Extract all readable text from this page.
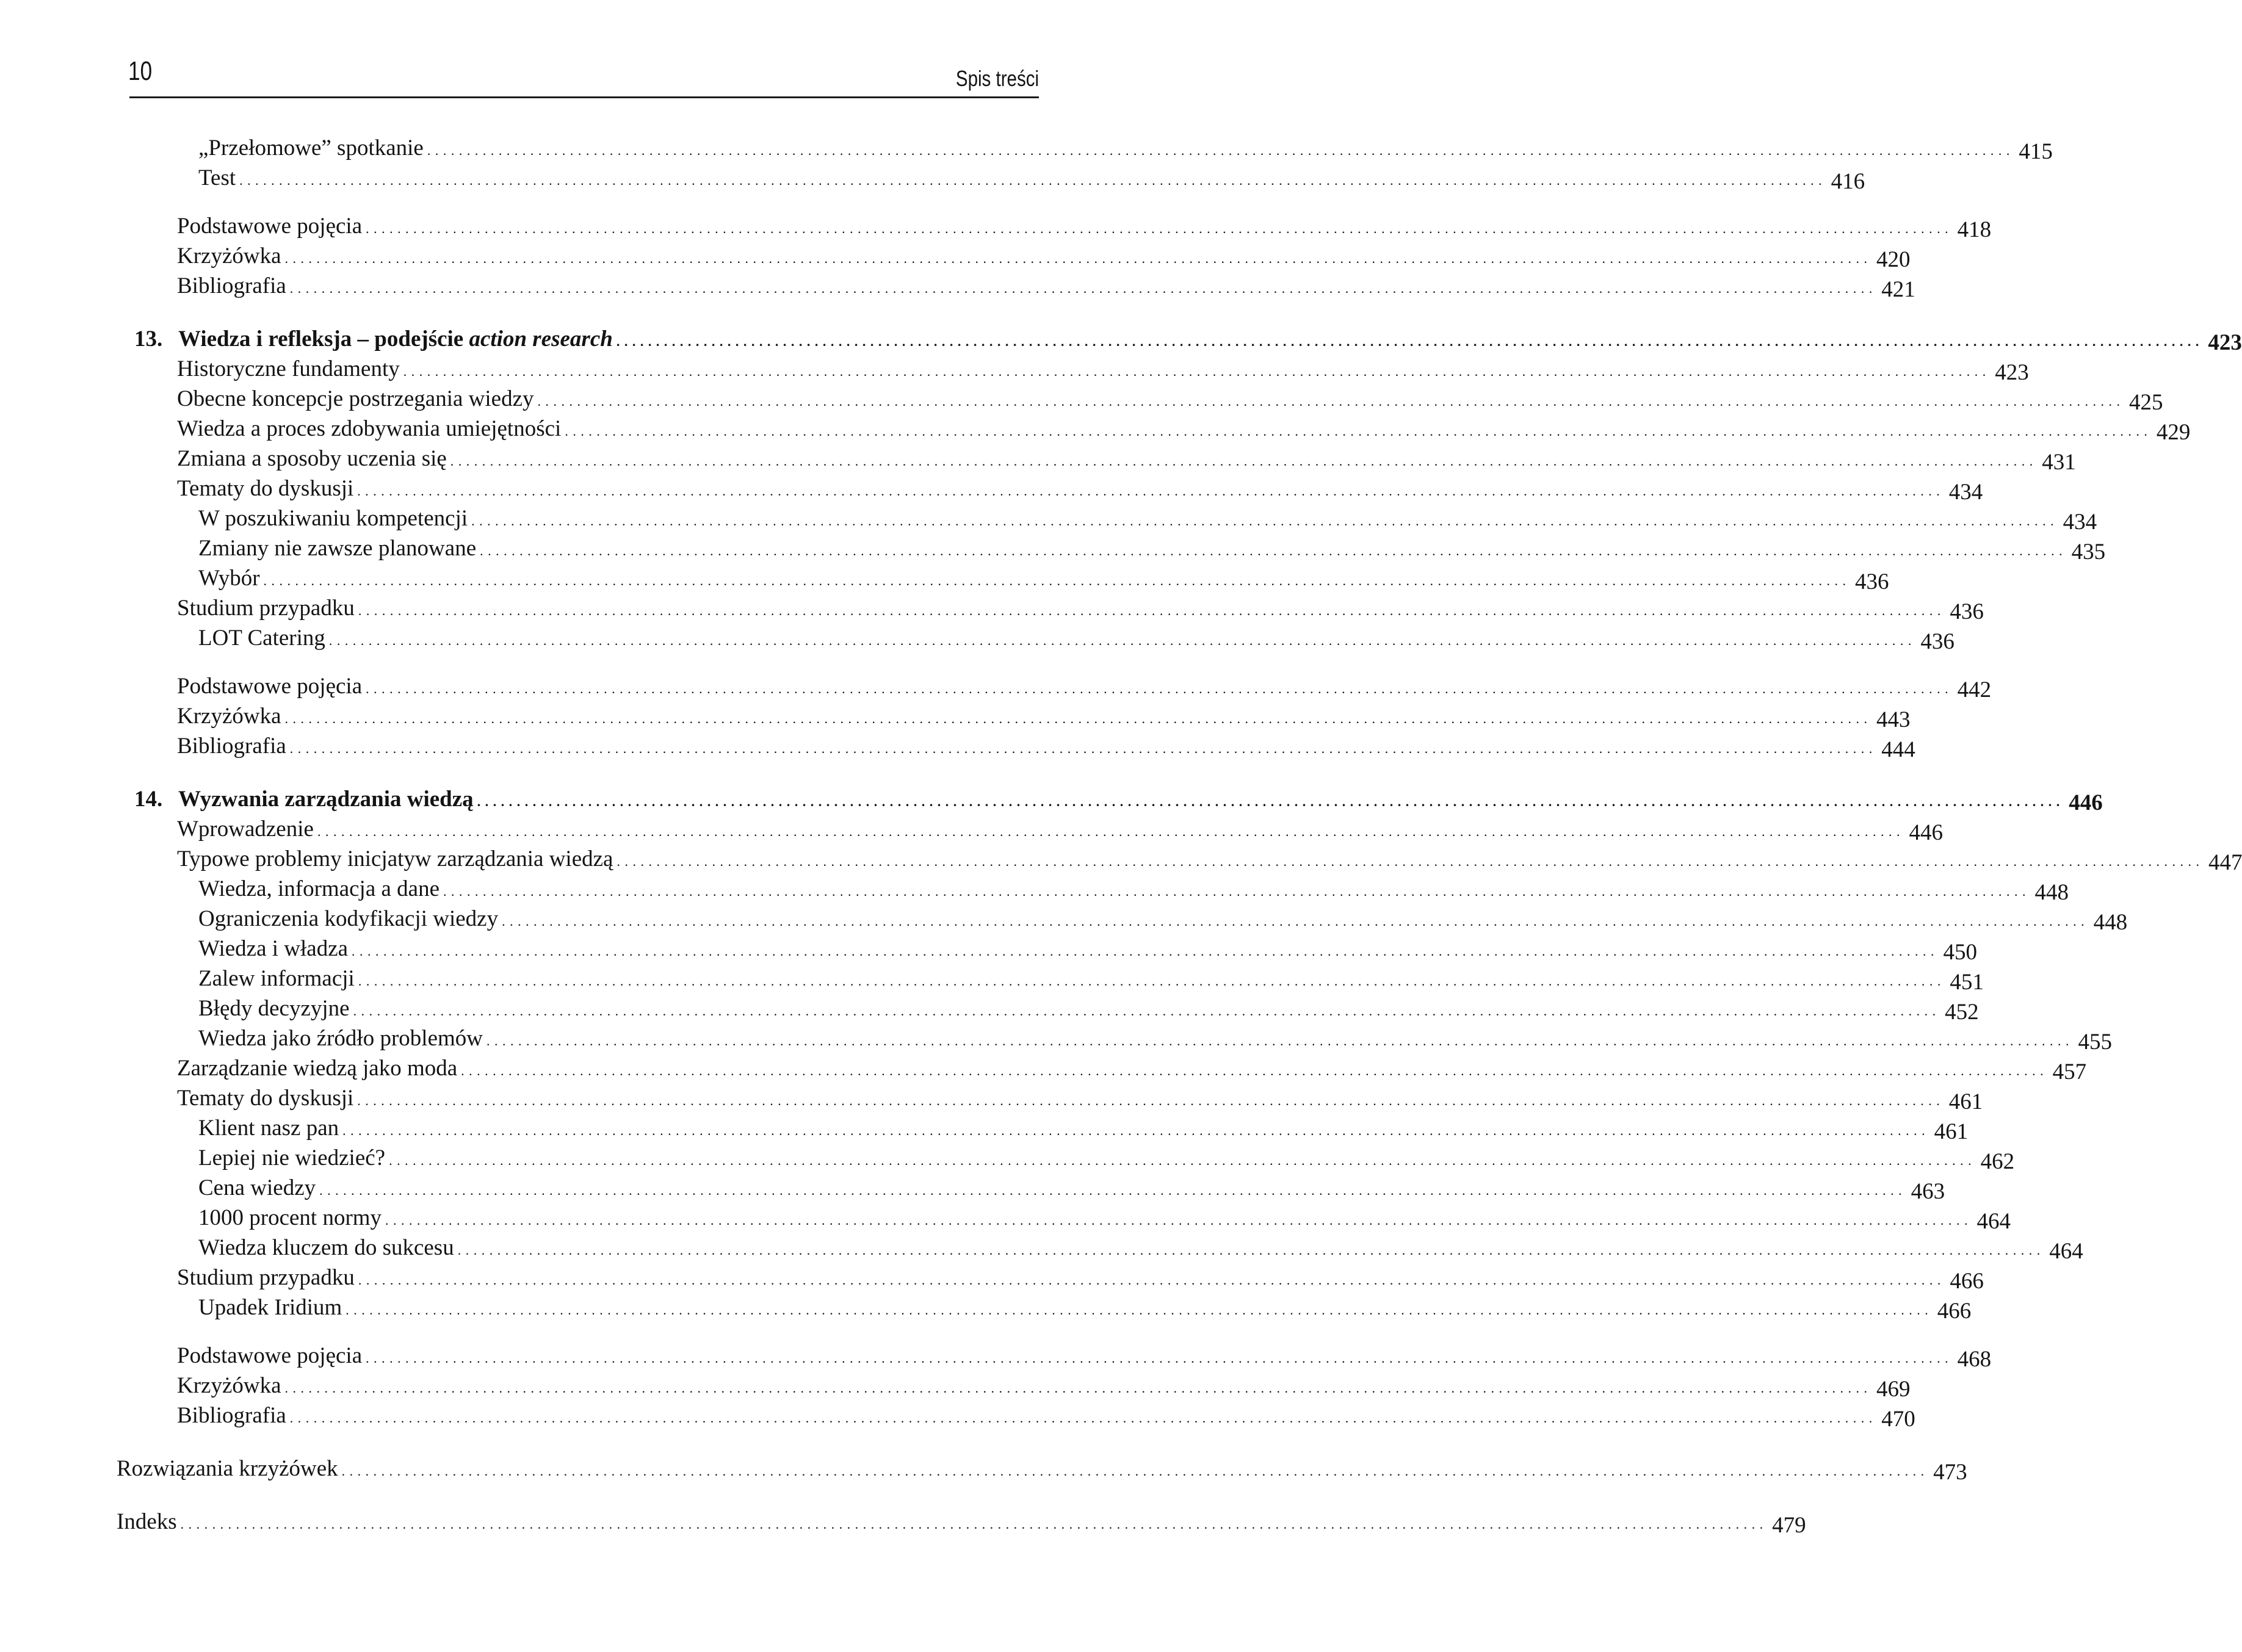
10	Spis treści
„Przełomowe” spotkanie . . . . . . . . . . . . . . . . . . . . . . . . . . . . . . . . . . . . . . . . . . . . . . . . . . . . . . . . . . . . . . . . . . . . . . . . . . . . . . . . . . . . . . . . . . . . . . . . . . . . . . . . . . . . . . . . . . . . . . . . . . . . . . . . . . . . . . . . . . . . . . . . . . . . . . . . . . . . . . . . . . . . . . . . . . . . . . . . . . . . . . . . . . . . . . . . . . . . . . . . 415
Test . . . . . . . . . . . . . . . . . . . . . . . . . . . . . . . . . . . . . . . . . . . . . . . . . . . . . . . . . . . . . . . . . . . . . . . . . . . . . . . . . . . . . . . . . . . . . . . . . . . . . . . . . . . . . . . . . . . . . . . . . . . . . . . . . . . . . . . . . . . . . . . . . . . . . . . . . . . . . . . . . . . . . . . . . . . . . . . . . . . . . . . . . . . . . . . . . . . . . . . . 416
Podstawowe pojęcia . . . . . . . . . . . . . . . . . . . . . . . . . . . . . . . . . . . . . . . . . . . . . . . . . . . . . . . . . . . . . . . . . . . . . . . . . . . . . . . . . . . . . . . . . . . . . . . . . . . . . . . . . . . . . . . . . . . . . . . . . . . . . . . . . . . . . . . . . . . . . . . . . . . . . . . . . . . . . . . . . . . . . . . . . . . . . . . . . . . . . . . . . . . . . . . . . . . . . . . . 418
Krzyżówka . . . . . . . . . . . . . . . . . . . . . . . . . . . . . . . . . . . . . . . . . . . . . . . . . . . . . . . . . . . . . . . . . . . . . . . . . . . . . . . . . . . . . . . . . . . . . . . . . . . . . . . . . . . . . . . . . . . . . . . . . . . . . . . . . . . . . . . . . . . . . . . . . . . . . . . . . . . . . . . . . . . . . . . . . . . . . . . . . . . . . . . . . . . . . . . . . . . . . . . . 420
Bibliografia . . . . . . . . . . . . . . . . . . . . . . . . . . . . . . . . . . . . . . . . . . . . . . . . . . . . . . . . . . . . . . . . . . . . . . . . . . . . . . . . . . . . . . . . . . . . . . . . . . . . . . . . . . . . . . . . . . . . . . . . . . . . . . . . . . . . . . . . . . . . . . . . . . . . . . . . . . . . . . . . . . . . . . . . . . . . . . . . . . . . . . . . . . . . . . . . . . . . . . . . 421
13. Wiedza i refleksja – podejście action research . . . . . . . . . . . . . . . . . . . . . . . . . . . . . . . . . . . . . . . . . . . . . . . . . . . . . . . . . . . . . . . . . . . . . . . . . . . . . . . . . . . . . . . . . . . . . . . . . . . . . . . . . . . . . . . . . . . . . . . . . . . . . . . . . . . . . . . . . . . . . . . . . . . . . . . . . . . . . . . . . . . . . . . . . . . . . . . . . . . . . . . . . . . . . . . . . . . . . . . . 423
Historyczne fundamenty . . . . . . . . . . . . . . . . . . . . . . . . . . . . . . . . . . . . . . . . . . . . . . . . . . . . . . . . . . . . . . . . . . . . . . . . . . . . . . . . . . . . . . . . . . . . . . . . . . . . . . . . . . . . . . . . . . . . . . . . . . . . . . . . . . . . . . . . . . . . . . . . . . . . . . . . . . . . . . . . . . . . . . . . . . . . . . . . . . . . . . . . . . . . . . . . . . . . . . . . 423
Obecne koncepcje postrzegania wiedzy . . . . . . . . . . . . . . . . . . . . . . . . . . . . . . . . . . . . . . . . . . . . . . . . . . . . . . . . . . . . . . . . . . . . . . . . . . . . . . . . . . . . . . . . . . . . . . . . . . . . . . . . . . . . . . . . . . . . . . . . . . . . . . . . . . . . . . . . . . . . . . . . . . . . . . . . . . . . . . . . . . . . . . . . . . . . . . . . . . . . . . . . . . . . . . . . . . . . . . . . 425
Wiedza a proces zdobywania umiejętności . . . . . . . . . . . . . . . . . . . . . . . . . . . . . . . . . . . . . . . . . . . . . . . . . . . . . . . . . . . . . . . . . . . . . . . . . . . . . . . . . . . . . . . . . . . . . . . . . . . . . . . . . . . . . . . . . . . . . . . . . . . . . . . . . . . . . . . . . . . . . . . . . . . . . . . . . . . . . . . . . . . . . . . . . . . . . . . . . . . . . . . . . . . . . . . . . . . . . . . . 429
Zmiana a sposoby uczenia się . . . . . . . . . . . . . . . . . . . . . . . . . . . . . . . . . . . . . . . . . . . . . . . . . . . . . . . . . . . . . . . . . . . . . . . . . . . . . . . . . . . . . . . . . . . . . . . . . . . . . . . . . . . . . . . . . . . . . . . . . . . . . . . . . . . . . . . . . . . . . . . . . . . . . . . . . . . . . . . . . . . . . . . . . . . . . . . . . . . . . . . . . . . . . . . . . . . . . . . . 431
Tematy do dyskusji . . . . . . . . . . . . . . . . . . . . . . . . . . . . . . . . . . . . . . . . . . . . . . . . . . . . . . . . . . . . . . . . . . . . . . . . . . . . . . . . . . . . . . . . . . . . . . . . . . . . . . . . . . . . . . . . . . . . . . . . . . . . . . . . . . . . . . . . . . . . . . . . . . . . . . . . . . . . . . . . . . . . . . . . . . . . . . . . . . . . . . . . . . . . . . . . . . . . . . . . 434
W poszukiwaniu kompetencji . . . . . . . . . . . . . . . . . . . . . . . . . . . . . . . . . . . . . . . . . . . . . . . . . . . . . . . . . . . . . . . . . . . . . . . . . . . . . . . . . . . . . . . . . . . . . . . . . . . . . . . . . . . . . . . . . . . . . . . . . . . . . . . . . . . . . . . . . . . . . . . . . . . . . . . . . . . . . . . . . . . . . . . . . . . . . . . . . . . . . . . . . . . . . . . . . . . . . . . . 434
Zmiany nie zawsze planowane . . . . . . . . . . . . . . . . . . . . . . . . . . . . . . . . . . . . . . . . . . . . . . . . . . . . . . . . . . . . . . . . . . . . . . . . . . . . . . . . . . . . . . . . . . . . . . . . . . . . . . . . . . . . . . . . . . . . . . . . . . . . . . . . . . . . . . . . . . . . . . . . . . . . . . . . . . . . . . . . . . . . . . . . . . . . . . . . . . . . . . . . . . . . . . . . . . . . . . . . 435
Wybór . . . . . . . . . . . . . . . . . . . . . . . . . . . . . . . . . . . . . . . . . . . . . . . . . . . . . . . . . . . . . . . . . . . . . . . . . . . . . . . . . . . . . . . . . . . . . . . . . . . . . . . . . . . . . . . . . . . . . . . . . . . . . . . . . . . . . . . . . . . . . . . . . . . . . . . . . . . . . . . . . . . . . . . . . . . . . . . . . . . . . . . . . . . . . . . . . . . . . . . . 436
Studium przypadku . . . . . . . . . . . . . . . . . . . . . . . . . . . . . . . . . . . . . . . . . . . . . . . . . . . . . . . . . . . . . . . . . . . . . . . . . . . . . . . . . . . . . . . . . . . . . . . . . . . . . . . . . . . . . . . . . . . . . . . . . . . . . . . . . . . . . . . . . . . . . . . . . . . . . . . . . . . . . . . . . . . . . . . . . . . . . . . . . . . . . . . . . . . . . . . . . . . . . . . . 436
LOT Catering . . . . . . . . . . . . . . . . . . . . . . . . . . . . . . . . . . . . . . . . . . . . . . . . . . . . . . . . . . . . . . . . . . . . . . . . . . . . . . . . . . . . . . . . . . . . . . . . . . . . . . . . . . . . . . . . . . . . . . . . . . . . . . . . . . . . . . . . . . . . . . . . . . . . . . . . . . . . . . . . . . . . . . . . . . . . . . . . . . . . . . . . . . . . . . . . . . . . . . . . 436
Podstawowe pojęcia . . . . . . . . . . . . . . . . . . . . . . . . . . . . . . . . . . . . . . . . . . . . . . . . . . . . . . . . . . . . . . . . . . . . . . . . . . . . . . . . . . . . . . . . . . . . . . . . . . . . . . . . . . . . . . . . . . . . . . . . . . . . . . . . . . . . . . . . . . . . . . . . . . . . . . . . . . . . . . . . . . . . . . . . . . . . . . . . . . . . . . . . . . . . . . . . . . . . . . . . 442
Krzyżówka . . . . . . . . . . . . . . . . . . . . . . . . . . . . . . . . . . . . . . . . . . . . . . . . . . . . . . . . . . . . . . . . . . . . . . . . . . . . . . . . . . . . . . . . . . . . . . . . . . . . . . . . . . . . . . . . . . . . . . . . . . . . . . . . . . . . . . . . . . . . . . . . . . . . . . . . . . . . . . . . . . . . . . . . . . . . . . . . . . . . . . . . . . . . . . . . . . . . . . . . 443
Bibliografia . . . . . . . . . . . . . . . . . . . . . . . . . . . . . . . . . . . . . . . . . . . . . . . . . . . . . . . . . . . . . . . . . . . . . . . . . . . . . . . . . . . . . . . . . . . . . . . . . . . . . . . . . . . . . . . . . . . . . . . . . . . . . . . . . . . . . . . . . . . . . . . . . . . . . . . . . . . . . . . . . . . . . . . . . . . . . . . . . . . . . . . . . . . . . . . . . . . . . . . . 444
14. Wyzwania zarządzania wiedzą . . . . . . . . . . . . . . . . . . . . . . . . . . . . . . . . . . . . . . . . . . . . . . . . . . . . . . . . . . . . . . . . . . . . . . . . . . . . . . . . . . . . . . . . . . . . . . . . . . . . . . . . . . . . . . . . . . . . . . . . . . . . . . . . . . . . . . . . . . . . . . . . . . . . . . . . . . . . . . . . . . . . . . . . . . . . . . . . . . . . . . . . . . . . . . . . . . . . . . . . 446
Wprowadzenie . . . . . . . . . . . . . . . . . . . . . . . . . . . . . . . . . . . . . . . . . . . . . . . . . . . . . . . . . . . . . . . . . . . . . . . . . . . . . . . . . . . . . . . . . . . . . . . . . . . . . . . . . . . . . . . . . . . . . . . . . . . . . . . . . . . . . . . . . . . . . . . . . . . . . . . . . . . . . . . . . . . . . . . . . . . . . . . . . . . . . . . . . . . . . . . . . . . . . . . . 446
Typowe problemy inicjatyw zarządzania wiedzą . . . . . . . . . . . . . . . . . . . . . . . . . . . . . . . . . . . . . . . . . . . . . . . . . . . . . . . . . . . . . . . . . . . . . . . . . . . . . . . . . . . . . . . . . . . . . . . . . . . . . . . . . . . . . . . . . . . . . . . . . . . . . . . . . . . . . . . . . . . . . . . . . . . . . . . . . . . . . . . . . . . . . . . . . . . . . . . . . . . . . . . . . . . . . . . . . . . . . . . . 447
Wiedza, informacja a dane . . . . . . . . . . . . . . . . . . . . . . . . . . . . . . . . . . . . . . . . . . . . . . . . . . . . . . . . . . . . . . . . . . . . . . . . . . . . . . . . . . . . . . . . . . . . . . . . . . . . . . . . . . . . . . . . . . . . . . . . . . . . . . . . . . . . . . . . . . . . . . . . . . . . . . . . . . . . . . . . . . . . . . . . . . . . . . . . . . . . . . . . . . . . . . . . . . . . . . . . 448
Ograniczenia kodyfikacji wiedzy . . . . . . . . . . . . . . . . . . . . . . . . . . . . . . . . . . . . . . . . . . . . . . . . . . . . . . . . . . . . . . . . . . . . . . . . . . . . . . . . . . . . . . . . . . . . . . . . . . . . . . . . . . . . . . . . . . . . . . . . . . . . . . . . . . . . . . . . . . . . . . . . . . . . . . . . . . . . . . . . . . . . . . . . . . . . . . . . . . . . . . . . . . . . . . . . . . . . . . . . 448
Wiedza i władza . . . . . . . . . . . . . . . . . . . . . . . . . . . . . . . . . . . . . . . . . . . . . . . . . . . . . . . . . . . . . . . . . . . . . . . . . . . . . . . . . . . . . . . . . . . . . . . . . . . . . . . . . . . . . . . . . . . . . . . . . . . . . . . . . . . . . . . . . . . . . . . . . . . . . . . . . . . . . . . . . . . . . . . . . . . . . . . . . . . . . . . . . . . . . . . . . . . . . . . . 450
Zalew informacji . . . . . . . . . . . . . . . . . . . . . . . . . . . . . . . . . . . . . . . . . . . . . . . . . . . . . . . . . . . . . . . . . . . . . . . . . . . . . . . . . . . . . . . . . . . . . . . . . . . . . . . . . . . . . . . . . . . . . . . . . . . . . . . . . . . . . . . . . . . . . . . . . . . . . . . . . . . . . . . . . . . . . . . . . . . . . . . . . . . . . . . . . . . . . . . . . . . . . . . . 451
Błędy decyzyjne . . . . . . . . . . . . . . . . . . . . . . . . . . . . . . . . . . . . . . . . . . . . . . . . . . . . . . . . . . . . . . . . . . . . . . . . . . . . . . . . . . . . . . . . . . . . . . . . . . . . . . . . . . . . . . . . . . . . . . . . . . . . . . . . . . . . . . . . . . . . . . . . . . . . . . . . . . . . . . . . . . . . . . . . . . . . . . . . . . . . . . . . . . . . . . . . . . . . . . . . 452
Wiedza jako źródło problemów . . . . . . . . . . . . . . . . . . . . . . . . . . . . . . . . . . . . . . . . . . . . . . . . . . . . . . . . . . . . . . . . . . . . . . . . . . . . . . . . . . . . . . . . . . . . . . . . . . . . . . . . . . . . . . . . . . . . . . . . . . . . . . . . . . . . . . . . . . . . . . . . . . . . . . . . . . . . . . . . . . . . . . . . . . . . . . . . . . . . . . . . . . . . . . . . . . . . . . . . 455
Zarządzanie wiedzą jako moda . . . . . . . . . . . . . . . . . . . . . . . . . . . . . . . . . . . . . . . . . . . . . . . . . . . . . . . . . . . . . . . . . . . . . . . . . . . . . . . . . . . . . . . . . . . . . . . . . . . . . . . . . . . . . . . . . . . . . . . . . . . . . . . . . . . . . . . . . . . . . . . . . . . . . . . . . . . . . . . . . . . . . . . . . . . . . . . . . . . . . . . . . . . . . . . . . . . . . . . . 457
Tematy do dyskusji . . . . . . . . . . . . . . . . . . . . . . . . . . . . . . . . . . . . . . . . . . . . . . . . . . . . . . . . . . . . . . . . . . . . . . . . . . . . . . . . . . . . . . . . . . . . . . . . . . . . . . . . . . . . . . . . . . . . . . . . . . . . . . . . . . . . . . . . . . . . . . . . . . . . . . . . . . . . . . . . . . . . . . . . . . . . . . . . . . . . . . . . . . . . . . . . . . . . . . . . 461
Klient nasz pan . . . . . . . . . . . . . . . . . . . . . . . . . . . . . . . . . . . . . . . . . . . . . . . . . . . . . . . . . . . . . . . . . . . . . . . . . . . . . . . . . . . . . . . . . . . . . . . . . . . . . . . . . . . . . . . . . . . . . . . . . . . . . . . . . . . . . . . . . . . . . . . . . . . . . . . . . . . . . . . . . . . . . . . . . . . . . . . . . . . . . . . . . . . . . . . . . . . . . . . . 461
Lepiej nie wiedzieć? . . . . . . . . . . . . . . . . . . . . . . . . . . . . . . . . . . . . . . . . . . . . . . . . . . . . . . . . . . . . . . . . . . . . . . . . . . . . . . . . . . . . . . . . . . . . . . . . . . . . . . . . . . . . . . . . . . . . . . . . . . . . . . . . . . . . . . . . . . . . . . . . . . . . . . . . . . . . . . . . . . . . . . . . . . . . . . . . . . . . . . . . . . . . . . . . . . . . . . . . 462
Cena wiedzy . . . . . . . . . . . . . . . . . . . . . . . . . . . . . . . . . . . . . . . . . . . . . . . . . . . . . . . . . . . . . . . . . . . . . . . . . . . . . . . . . . . . . . . . . . . . . . . . . . . . . . . . . . . . . . . . . . . . . . . . . . . . . . . . . . . . . . . . . . . . . . . . . . . . . . . . . . . . . . . . . . . . . . . . . . . . . . . . . . . . . . . . . . . . . . . . . . . . . . . . 463
1000 procent normy . . . . . . . . . . . . . . . . . . . . . . . . . . . . . . . . . . . . . . . . . . . . . . . . . . . . . . . . . . . . . . . . . . . . . . . . . . . . . . . . . . . . . . . . . . . . . . . . . . . . . . . . . . . . . . . . . . . . . . . . . . . . . . . . . . . . . . . . . . . . . . . . . . . . . . . . . . . . . . . . . . . . . . . . . . . . . . . . . . . . . . . . . . . . . . . . . . . . . . . . 464
Wiedza kluczem do sukcesu . . . . . . . . . . . . . . . . . . . . . . . . . . . . . . . . . . . . . . . . . . . . . . . . . . . . . . . . . . . . . . . . . . . . . . . . . . . . . . . . . . . . . . . . . . . . . . . . . . . . . . . . . . . . . . . . . . . . . . . . . . . . . . . . . . . . . . . . . . . . . . . . . . . . . . . . . . . . . . . . . . . . . . . . . . . . . . . . . . . . . . . . . . . . . . . . . . . . . . . . 464
Studium przypadku . . . . . . . . . . . . . . . . . . . . . . . . . . . . . . . . . . . . . . . . . . . . . . . . . . . . . . . . . . . . . . . . . . . . . . . . . . . . . . . . . . . . . . . . . . . . . . . . . . . . . . . . . . . . . . . . . . . . . . . . . . . . . . . . . . . . . . . . . . . . . . . . . . . . . . . . . . . . . . . . . . . . . . . . . . . . . . . . . . . . . . . . . . . . . . . . . . . . . . . . 466
Upadek Iridium . . . . . . . . . . . . . . . . . . . . . . . . . . . . . . . . . . . . . . . . . . . . . . . . . . . . . . . . . . . . . . . . . . . . . . . . . . . . . . . . . . . . . . . . . . . . . . . . . . . . . . . . . . . . . . . . . . . . . . . . . . . . . . . . . . . . . . . . . . . . . . . . . . . . . . . . . . . . . . . . . . . . . . . . . . . . . . . . . . . . . . . . . . . . . . . . . . . . . . . . 466
Podstawowe pojęcia . . . . . . . . . . . . . . . . . . . . . . . . . . . . . . . . . . . . . . . . . . . . . . . . . . . . . . . . . . . . . . . . . . . . . . . . . . . . . . . . . . . . . . . . . . . . . . . . . . . . . . . . . . . . . . . . . . . . . . . . . . . . . . . . . . . . . . . . . . . . . . . . . . . . . . . . . . . . . . . . . . . . . . . . . . . . . . . . . . . . . . . . . . . . . . . . . . . . . . . . 468
Krzyżówka . . . . . . . . . . . . . . . . . . . . . . . . . . . . . . . . . . . . . . . . . . . . . . . . . . . . . . . . . . . . . . . . . . . . . . . . . . . . . . . . . . . . . . . . . . . . . . . . . . . . . . . . . . . . . . . . . . . . . . . . . . . . . . . . . . . . . . . . . . . . . . . . . . . . . . . . . . . . . . . . . . . . . . . . . . . . . . . . . . . . . . . . . . . . . . . . . . . . . . . . 469
Bibliografia . . . . . . . . . . . . . . . . . . . . . . . . . . . . . . . . . . . . . . . . . . . . . . . . . . . . . . . . . . . . . . . . . . . . . . . . . . . . . . . . . . . . . . . . . . . . . . . . . . . . . . . . . . . . . . . . . . . . . . . . . . . . . . . . . . . . . . . . . . . . . . . . . . . . . . . . . . . . . . . . . . . . . . . . . . . . . . . . . . . . . . . . . . . . . . . . . . . . . . . . 470
Rozwiązania krzyżówek . . . . . . . . . . . . . . . . . . . . . . . . . . . . . . . . . . . . . . . . . . . . . . . . . . . . . . . . . . . . . . . . . . . . . . . . . . . . . . . . . . . . . . . . . . . . . . . . . . . . . . . . . . . . . . . . . . . . . . . . . . . . . . . . . . . . . . . . . . . . . . . . . . . . . . . . . . . . . . . . . . . . . . . . . . . . . . . . . . . . . . . . . . . . . . . . . . . . . . . . 473
Indeks . . . . . . . . . . . . . . . . . . . . . . . . . . . . . . . . . . . . . . . . . . . . . . . . . . . . . . . . . . . . . . . . . . . . . . . . . . . . . . . . . . . . . . . . . . . . . . . . . . . . . . . . . . . . . . . . . . . . . . . . . . . . . . . . . . . . . . . . . . . . . . . . . . . . . . . . . . . . . . . . . . . . . . . . . . . . . . . . . . . . . . . . . . . . . . . . . . . . . . . . 479
